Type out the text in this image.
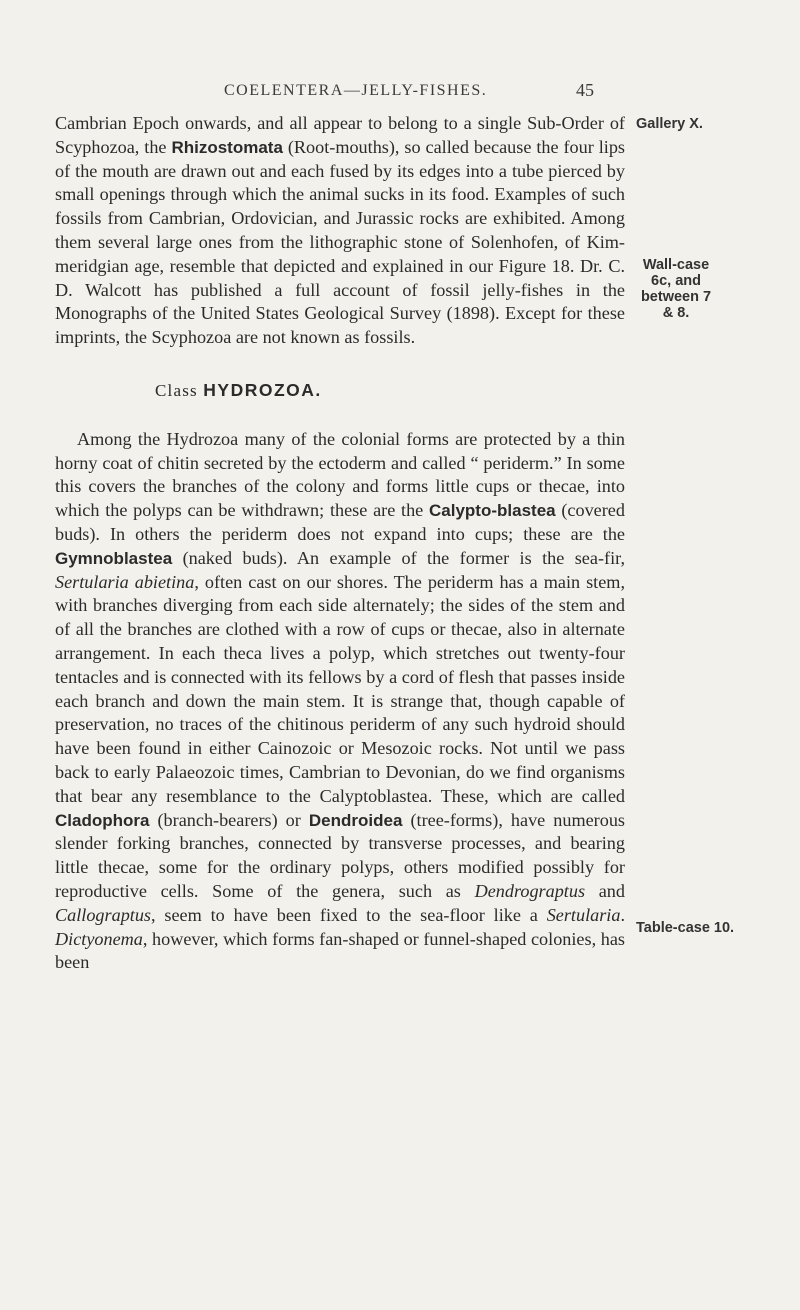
COELENTERA—JELLY-FISHES.	45

Cambrian Epoch onwards, and all appear to belong to a single Sub-Order of Scyphozoa, the Rhizostomata (Root-mouths), so called because the four lips of the mouth are drawn out and each fused by its edges into a tube pierced by small openings through which the animal sucks in its food. Examples of such fossils from Cambrian, Ordovician, and Jurassic rocks are exhibited. Among them several large ones from the lithographic stone of Solenhofen, of Kim-meridgian age, resemble that depicted and explained in our Figure 18. Dr. C. D. Walcott has published a full account of fossil jelly-fishes in the Monographs of the United States Geological Survey (1898). Except for these imprints, the Scyphozoa are not known as fossils.

Class HYDROZOA.

Among the Hydrozoa many of the colonial forms are protected by a thin horny coat of chitin secreted by the ectoderm and called “ periderm.” In some this covers the branches of the colony and forms little cups or thecae, into which the polyps can be withdrawn; these are the Calypto-blastea (covered buds). In others the periderm does not expand into cups; these are the Gymnoblastea (naked buds). An example of the former is the sea-fir, Sertularia abietina, often cast on our shores. The periderm has a main stem, with branches diverging from each side alternately; the sides of the stem and of all the branches are clothed with a row of cups or thecae, also in alternate arrangement. In each theca lives a polyp, which stretches out twenty-four tentacles and is connected with its fellows by a cord of flesh that passes inside each branch and down the main stem. It is strange that, though capable of preservation, no traces of the chitinous periderm of any such hydroid should have been found in either Cainozoic or Mesozoic rocks. Not until we pass back to early Palaeozoic times, Cambrian to Devonian, do we find organisms that bear any resemblance to the Calyptoblastea. These, which are called Cladophora (branch-bearers) or Dendroidea (tree-forms), have numerous slender forking branches, connected by transverse processes, and bearing little thecae, some for the ordinary polyps, others modified possibly for reproductive cells. Some of the genera, such as Dendrograptus and Callograptus, seem to have been fixed to the sea-floor like a Sertularia. Dictyonema, however, which forms fan-shaped or funnel-shaped colonies, has been

Gallery X.
Wall-case 6c, and between 7 & 8.
Table-case 10.
